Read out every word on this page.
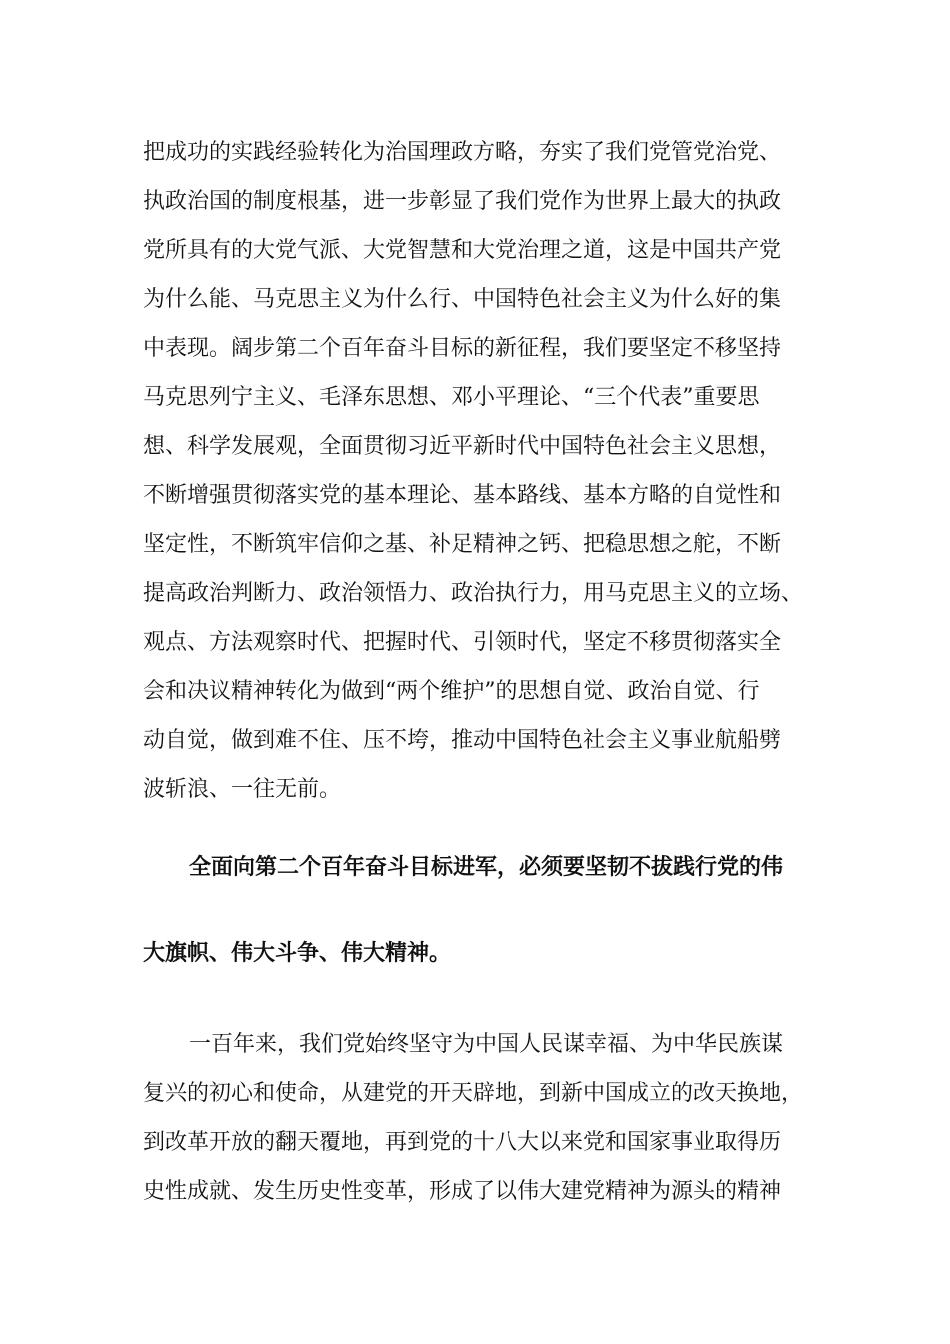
把成功的实践经验转化为治国理政方略，夯实了我们党管党治党、
执政治国的制度根基，进一步彰显了我们党作为世界上最大的执政
党所具有的大党气派、大党智慧和大党治理之道，这是中国共产党
为什么能、马克思主义为什么行、中国特色社会主义为什么好的集
中表现。阔步第二个百年奋斗目标的新征程，我们要坚定不移坚持
马克思列宁主义、毛泽东思想、邓小平理论、“三个代表”重要思
想、科学发展观，全面贯彻习近平新时代中国特色社会主义思想，
不断增强贯彻落实党的基本理论、基本路线、基本方略的自觉性和
坚定性，不断筑牢信仰之基、补足精神之钙、把稳思想之舵，不断
提高政治判断力、政治领悟力、政治执行力，用马克思主义的立场、
观点、方法观察时代、把握时代、引领时代，坚定不移贯彻落实全
会和决议精神转化为做到“两个维护”的思想自觉、政治自觉、行
动自觉，做到难不住、压不垮，推动中国特色社会主义事业航船劈
波斩浪、一往无前。
全面向第二个百年奋斗目标进军，必须要坚韧不拔践行党的伟
大旗帜、伟大斗争、伟大精神。
一百年来，我们党始终坚守为中国人民谋幸福、为中华民族谋
复兴的初心和使命，从建党的开天辟地，到新中国成立的改天换地，
到改革开放的翻天覆地，再到党的十八大以来党和国家事业取得历
史性成就、发生历史性变革，形成了以伟大建党精神为源头的精神
